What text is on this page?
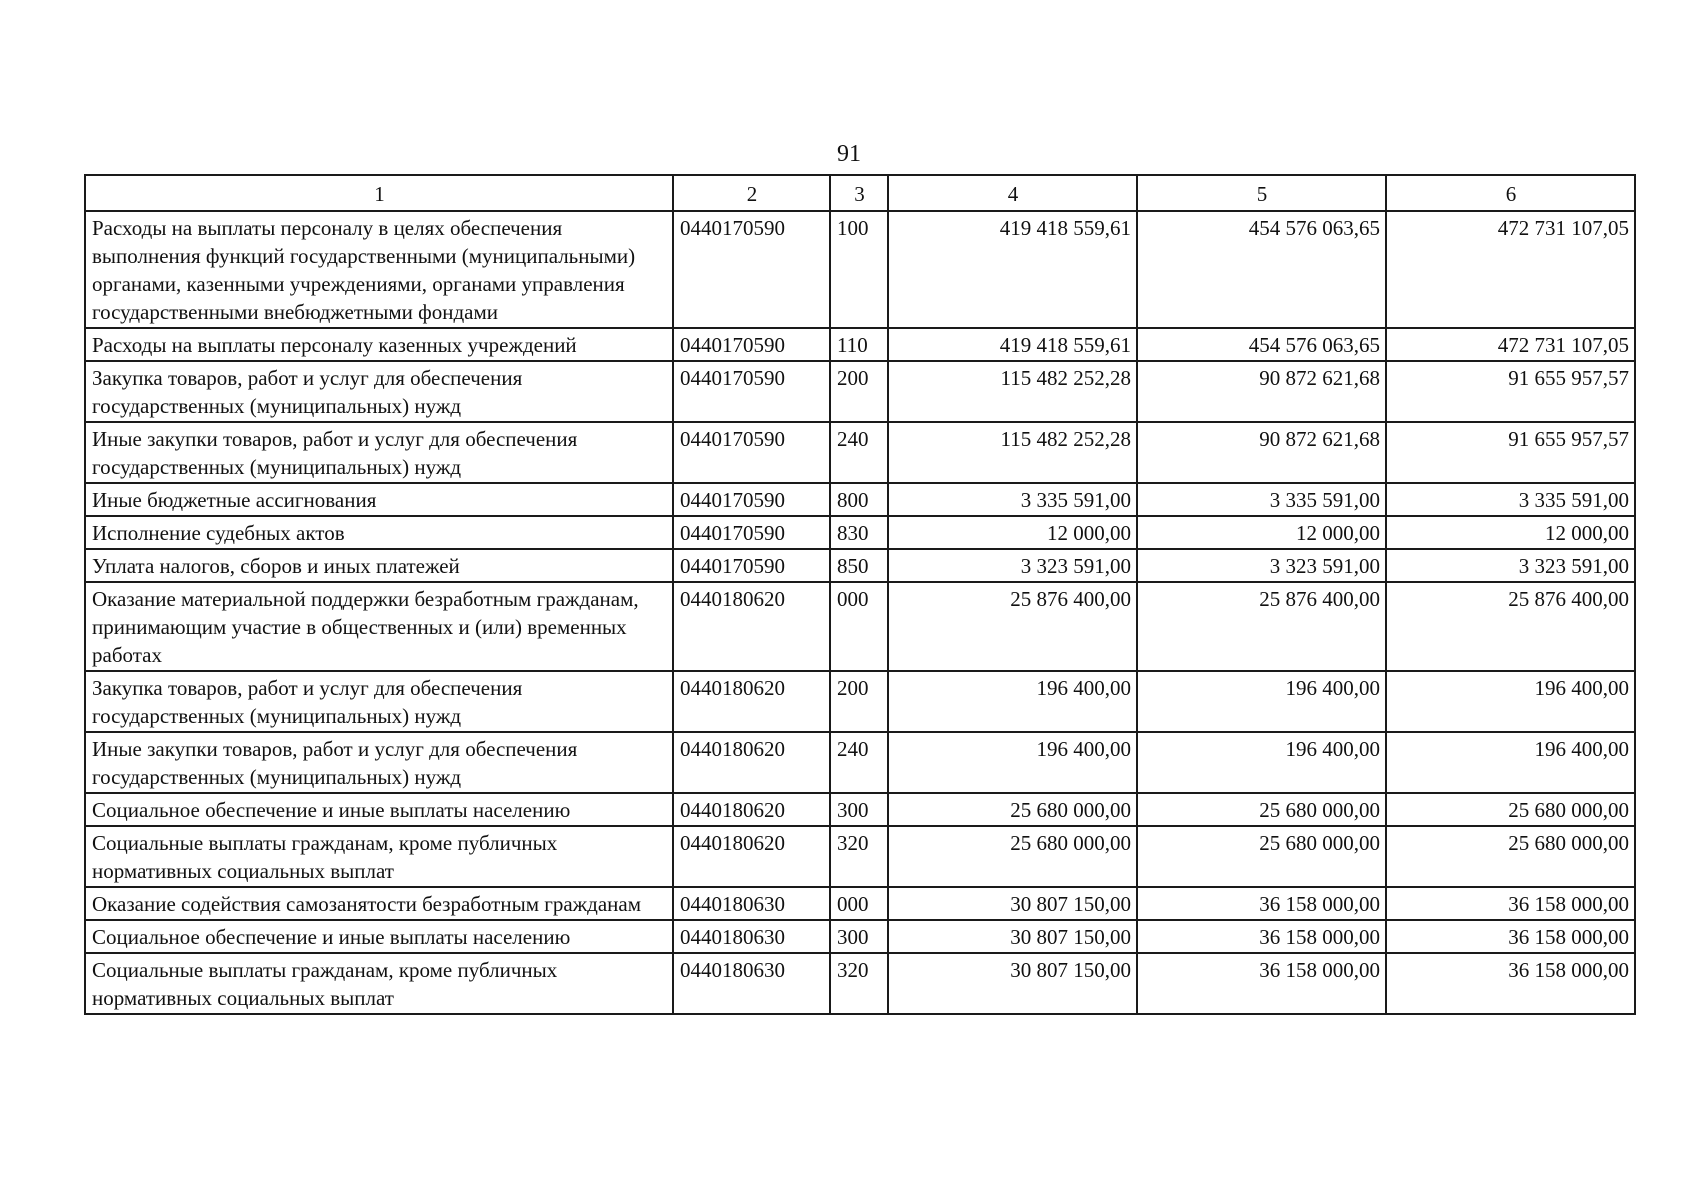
91
1	2	3	4	5	6
Расходы на выплаты персоналу в целях обеспечения выполнения функций государственными (муниципальными) органами, казенными учреждениями, органами управления государственными внебюджетными фондами	0440170590	100	419 418 559,61	454 576 063,65	472 731 107,05
Расходы на выплаты персоналу казенных учреждений	0440170590	110	419 418 559,61	454 576 063,65	472 731 107,05
Закупка товаров, работ и услуг для обеспечения государственных (муниципальных) нужд	0440170590	200	115 482 252,28	90 872 621,68	91 655 957,57
Иные закупки товаров, работ и услуг для обеспечения государственных (муниципальных) нужд	0440170590	240	115 482 252,28	90 872 621,68	91 655 957,57
Иные бюджетные ассигнования	0440170590	800	3 335 591,00	3 335 591,00	3 335 591,00
Исполнение судебных актов	0440170590	830	12 000,00	12 000,00	12 000,00
Уплата налогов, сборов и иных платежей	0440170590	850	3 323 591,00	3 323 591,00	3 323 591,00
Оказание материальной поддержки безработным гражданам, принимающим участие в общественных и (или) временных работах	0440180620	000	25 876 400,00	25 876 400,00	25 876 400,00
Закупка товаров, работ и услуг для обеспечения государственных (муниципальных) нужд	0440180620	200	196 400,00	196 400,00	196 400,00
Иные закупки товаров, работ и услуг для обеспечения государственных (муниципальных) нужд	0440180620	240	196 400,00	196 400,00	196 400,00
Социальное обеспечение и иные выплаты населению	0440180620	300	25 680 000,00	25 680 000,00	25 680 000,00
Социальные выплаты гражданам, кроме публичных нормативных социальных выплат	0440180620	320	25 680 000,00	25 680 000,00	25 680 000,00
Оказание содействия самозанятости безработным гражданам	0440180630	000	30 807 150,00	36 158 000,00	36 158 000,00
Социальное обеспечение и иные выплаты населению	0440180630	300	30 807 150,00	36 158 000,00	36 158 000,00
Социальные выплаты гражданам, кроме публичных нормативных социальных выплат	0440180630	320	30 807 150,00	36 158 000,00	36 158 000,00
